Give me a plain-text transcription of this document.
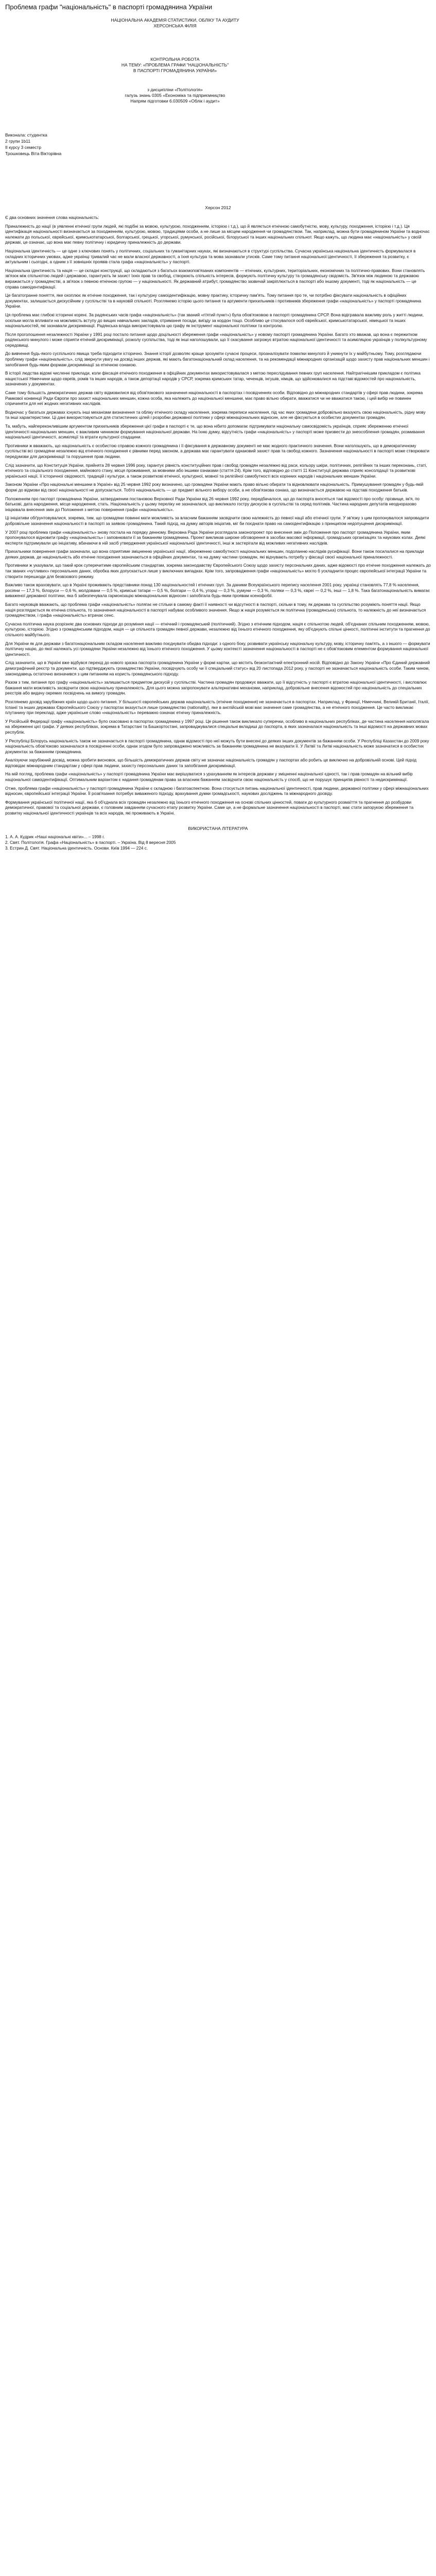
Проблема графи "національність" в паспорті громадянина України
НАЦІОНАЛЬНА АКАДЕМІЯ СТАТИСТИКИ, ОБЛІКУ ТА АУДИТУ
ХЕРСОНСЬКА ФІЛІЯ
КОНТРОЛЬНА РОБОТА
НА ТЕМУ: «ПРОБЛЕМА ГРАФИ "НАЦІОНАЛЬНІСТЬ"
В ПАСПОРТІ ГРОМАДЯНИНА УКРАЇНИ»
з дисципліни «Політологія»
галузь знань 0305 «Економіка та підприємництво
Напрям підготовки 6.030509 «Облік і аудит»
Виконала: студентка
2 групи 1b11
II курсу 3 семестр
Трошковець Віта Вікторівна
Херсон 2012

Є два основних значення слова національність:

Приналежність до нації (в уявленні етнічної групи людей, які подібні за мовою, культурою, походженням, історією і т.д.), що й являється етнічною самобутністю, мову, культуру, походження, історією і т.д.). Ця ідентифікація національності визначається за походженням, культурою, мовою, традиціями особи, а не лише за місцем народження чи громадянством. Так, наприклад, можна бути громадянином України та водночас належати до польської, єврейської, кримськотатарської, болгарської, грецької, угорської, румунської, російської, білоруської та інших національних спільнот. Якщо кажуть, що людина має «національність» у своїй державі, це означає, що вона має певну політичну і юридичну приналежність до держави.

Національна ідентичність — це одне з ключових понять у політичних, соціальних та гуманітарних науках, які визначаються в структурі суспільства. Сучасна українська національна ідентичність формувалася в складних історичних умовах, адже українці тривалий час не мали власної державності, а їхня культура та мова зазнавали утисків. Саме тому питання національної ідентичності, її збереження та розвитку, є актуальним і сьогодні, а одним з її зовнішніх проявів стала графа «національність» у паспорті.

Національна ідентичність та нація — це складні конструкції, що складаються з багатьох взаємопов'язаних компонентів — етнічних, культурних, територіальних, економічних та політично-правових. Вони становлять зв'язок між спільнотою людей і державою, гарантують їм захист їхніх прав та свобод, створюють спільність інтересів, формують політичну культуру та громадянську свідомість. Зв'язок між людиною та державою виражається у громадянстві, а зв'язок з певною етнічною групою — у національності. Як державний атрибут, громадянство зазвичай закріплюється в паспорті або іншому документі, тоді як національність — це справа самоідентифікації.

Це багатогранне поняття, яке охоплює як етнічне походження, так і культурну самоідентифікацію, мовну практику, історичну пам'ять. Тому питання про те, чи потрібно фіксувати національність в офіційних документах, залишається дискусійним у суспільстві та в науковій спільноті. Розглянемо історію цього питання та аргументи прихильників і противників збереження графи «національність» у паспорті громадянина України.

Ця проблема має глибокі історичні корені. За радянських часів графа «національність» (так званий «п'ятий пункт») була обов'язковою в паспорті громадянина СРСР. Вона відігравала важливу роль у житті людини, оскільки могла впливати на можливість вступу до вищих навчальних закладів, отримання посади, виїзду за кордон тощо. Особливо це стосувалося осіб єврейської, кримськотатарської, німецької та інших національностей, які зазнавали дискримінації. Радянська влада використовувала цю графу як інструмент національної політики та контролю.

Після проголошення незалежності України у 1991 році постало питання щодо доцільності збереження графи «національність» у новому паспорті громадянина України. Багато хто вважав, що вона є пережитком радянського минулого і може сприяти етнічній дискримінації, розколу суспільства, тоді як інші наголошували, що її скасування загрожує втратою національної ідентичності та асиміляцією українців у полікультурному середовищі.

До вивчення будь-якого суспільного явища треба підходити історично. Знання історії дозволяє краще зрозуміти сучасні процеси, проаналізувати помилки минулого й уникнути їх у майбутньому. Тому, розглядаючи проблему графи «національність», слід звернути увагу на досвід інших держав, які мають багатонаціональний склад населення, та на рекомендації міжнародних організацій щодо захисту прав національних меншин і запобігання будь-яким формам дискримінації за етнічною ознакою.

В історії людства відомі численні приклади, коли фіксація етнічного походження в офіційних документах використовувалася з метою переслідування певних груп населення. Найтрагічнішим прикладом є політика нацистської Німеччини щодо євреїв, ромів та інших народів, а також депортації народів у СРСР, зокрема кримських татар, чеченців, інгушів, німців, що здійснювалися на підставі відомостей про національність, зазначених у документах.

Саме тому більшість демократичних держав світу відмовилися від обов'язкового зазначення національності в паспортах і посвідченнях особи. Відповідно до міжнародних стандартів у сфері прав людини, зокрема Рамкової конвенції Ради Європи про захист національних меншин, кожна особа, яка належить до національної меншини, має право вільно обирати, вважатися чи не вважатися такою, і цей вибір не повинен спричиняти для неї жодних негативних наслідків.

Водночас у багатьох державах існують інші механізми визначення та обліку етнічного складу населення, зокрема переписи населення, під час яких громадяни добровільно вказують свою національність, рідну мову та інші характеристики. Ці дані використовуються для статистичних цілей і розробки державної політики у сфері міжнаціональних відносин, але не фіксуються в особистих документах громадян.

Та, мабуть, найпереконливішим аргументом прихильників збереження цієї графи в паспорті є те, що вона нібито допомагає підтримувати національну самосвідомість українців, сприяє збереженню етнічної ідентичності національних меншин, є важливим чинником формування національної держави. На їхню думку, відсутність графи «національність» у паспорті може призвести до знеособлення громадян, розмивання національної ідентичності, асиміляції та втрати культурної спадщини.

Противники ж вважають, що національність є особистою справою кожного громадянина і її фіксування в державному документі не має жодного практичного значення. Вони наголошують, що в демократичному суспільстві всі громадяни незалежно від етнічного походження є рівними перед законом, а держава має гарантувати однаковий захист прав та свобод кожного. Зазначення національності в паспорті може створювати передумови для дискримінації та порушення прав людини.

Слід зазначити, що Конституція України, прийнята 28 червня 1996 року, гарантує рівність конституційних прав і свобод громадян незалежно від раси, кольору шкіри, політичних, релігійних та інших переконань, статі, етнічного та соціального походження, майнового стану, місця проживання, за мовними або іншими ознаками (стаття 24). Крім того, відповідно до статті 11 Конституції держава сприяє консолідації та розвиткові української нації, її історичної свідомості, традицій і культури, а також розвиткові етнічної, культурної, мовної та релігійної самобутності всіх корінних народів і національних меншин України.

Законом України «Про національні меншини в Україні» від 25 червня 1992 року визначено, що громадяни України мають право вільно обирати та відновлювати національність. Примушування громадян у будь-якій формі до відмови від своєї національності не допускається. Тобто національність — це предмет вільного вибору особи, а не обов'язкова ознака, що визначається державою на підставі походження батьків.

Положенням про паспорт громадянина України, затвердженим постановою Верховної Ради України від 26 червня 1992 року, передбачалося, що до паспорта вносяться такі відомості про особу: прізвище, ім'я, по батькові, дата народження, місце народження, стать. Національність у цьому переліку не зазначалася, що викликало гостру дискусію в суспільстві та серед політиків. Частина народних депутатів неодноразово ініціювала внесення змін до Положення з метою повернення графи «національність».

Ці ініціативи обґрунтовувалися, зокрема, тим, що громадяни повинні мати можливість за власним бажанням засвідчити свою належність до певної нації або етнічної групи. У зв'язку з цим пропонувалося запровадити добровільне зазначення національності в паспорті за заявою громадянина. Такий підхід, на думку авторів ініціатив, міг би поєднати право на самоідентифікацію з принципом недопущення дискримінації.

У 2007 році проблема графи «національність» знову постала на порядку денному. Верховна Рада України розглядала законопроект про внесення змін до Положення про паспорт громадянина України, яким пропонувалося відновити графу «національність» і заповнювати її за бажанням громадянина. Проект викликав широке обговорення в засобах масової інформації, громадських організаціях та наукових колах. Деякі експерти підтримували цю ініціативу, вбачаючи в ній засіб утвердження української національної ідентичності, інші ж застерігали від можливих негативних наслідків.

Прихильники повернення графи зазначали, що вона сприятиме зміцненню української нації, збереженню самобутності національних меншин, подоланню наслідків русифікації. Вони також посилалися на приклади деяких держав, де національність або етнічне походження зазначаються в офіційних документах, та на думку частини громадян, які відчувають потребу у фіксації своєї національної приналежності.

Противники ж указували, що такий крок суперечитиме європейським стандартам, зокрема законодавству Європейського Союзу щодо захисту персональних даних, адже відомості про етнічне походження належать до так званих «чутливих» персональних даних, обробка яких допускається лише у виключних випадках. Крім того, запровадження графи «національність» могло б ускладнити процес європейської інтеграції України та створити перешкоди для безвізового режиму.

Важливо також враховувати, що в Україні проживають представники понад 130 національностей і етнічних груп. За даними Всеукраїнського перепису населення 2001 року, українці становлять 77,8 % населення, росіяни — 17,3 %, білоруси — 0,6 %, молдовани — 0,5 %, кримські татари — 0,5 %, болгари — 0,4 %, угорці — 0,3 %, румуни — 0,3 %, поляки — 0,3 %, євреї — 0,2 %, інші — 1,8 %. Така багатонаціональність вимагає виваженої державної політики, яка б забезпечувала гармонізацію міжнаціональних відносин і запобігала будь-яким проявам ксенофобії.

Багато науковців вважають, що проблема графи «національність» полягає не стільки в самому факті її наявності чи відсутності в паспорті, скільки в тому, як держава та суспільство розуміють поняття нації. Якщо нація розглядається як етнічна спільнота, то зазначення національності в паспорті набуває особливого значення. Якщо ж нація розуміється як політична (громадянська) спільнота, то належність до неї визначається громадянством, і графа «національність» втрачає сенс.

Сучасна політична наука розрізняє два основних підходи до розуміння нації — етнічний і громадянський (політичний). Згідно з етнічним підходом, нація є спільнотою людей, об'єднаних спільним походженням, мовою, культурою, історією. Згідно з громадянським підходом, нація — це спільнота громадян певної держави, незалежно від їхнього етнічного походження, яку об'єднують спільні цінності, політичні інститути та прагнення до спільного майбутнього.

Для України як для держави з багатонаціональним складом населення важливо поєднувати обидва підходи: з одного боку, розвивати українську національну культуру, мову, історичну пам'ять, а з іншого — формувати політичну націю, до якої належать усі громадяни України незалежно від їхнього етнічного походження. У цьому контексті зазначення національності в паспорті не є обов'язковим елементом формування національної ідентичності.

Слід зазначити, що в Україні вже відбувся перехід до нового зразка паспорта громадянина України у формі картки, що містить безконтактний електронний носій. Відповідно до Закону України «Про Єдиний державний демографічний реєстр та документи, що підтверджують громадянство України, посвідчують особу чи її спеціальний статус» від 20 листопада 2012 року, у паспорті не зазначається національність особи. Таким чином, законодавець остаточно визначився з цим питанням на користь громадянського підходу.

Разом з тим, питання про графу «національність» залишається предметом дискусій у суспільстві. Частина громадян продовжує вважати, що її відсутність у паспорті є втратою національної ідентичності, і висловлює бажання мати можливість засвідчити свою національну приналежність. Для цього можна запропонувати альтернативні механізми, наприклад, добровільне внесення відомостей про національність до спеціальних реєстрів або видачу окремих посвідчень на вимогу громадян.

Розглянемо досвід зарубіжних країн щодо цього питання. У більшості європейських держав національність (етнічне походження) не зазначається в паспортах. Наприклад, у Франції, Німеччині, Великій Британії, Італії, Іспанії та інших державах Європейського Союзу у паспортах вказується лише громадянство (nationality), яке в англійській мові має значення саме громадянства, а не етнічного походження. Це часто викликає плутанину при перекладі, адже українське слово «національність» переважно означає етнічну приналежність.

У Російській Федерації графу «національність» було скасовано в паспортах громадянина у 1997 році. Це рішення також викликало суперечки, особливо в національних республіках, де частина населення наполягала на збереженні цієї графи. У деяких республіках, зокрема в Татарстані та Башкортостані, запроваджувалися спеціальні вкладиші до паспорта, в яких зазначалася національність та інші відомості на державних мовах республік.

У Республіці Білорусь національність також не зазначається в паспорті громадянина, однак відомості про неї можуть бути внесені до деяких інших документів за бажанням особи. У Республіці Казахстан до 2009 року національність обов'язково зазначалася в посвідченні особи, однак згодом було запроваджено можливість за бажанням громадянина не вказувати її. У Латвії та Литві національність може зазначатися в особистих документах за бажанням громадянина.

Аналізуючи зарубіжний досвід, можна зробити висновок, що більшість демократичних держав світу не зазначає національність громадян у паспортах або робить це виключно на добровільній основі. Цей підхід відповідає міжнародним стандартам у сфері прав людини, захисту персональних даних та запобігання дискримінації.

На мій погляд, проблема графи «національність» у паспорті громадянина України має вирішуватися з урахуванням як інтересів держави у зміцненні національної єдності, так і прав громадян на вільний вибір національної самоідентифікації. Оптимальним варіантом є надання громадянам права за власним бажанням засвідчити свою національність у спосіб, що не порушує принципів рівності та недискримінації.

Отже, проблема графи «національність» у паспорті громадянина України є складною і багатоаспектною. Вона стосується питань національної ідентичності, прав людини, державної політики у сфері міжнаціональних відносин, європейської інтеграції України. Її розв'язання потребує виваженого підходу, врахування думки громадськості, наукових досліджень та міжнародного досвіду.

Формування української політичної нації, яка б об'єднала всіх громадян незалежно від їхнього етнічного походження на основі спільних цінностей, поваги до культурного розмаїття та прагнення до розбудови демократичної, правової та соціальної держави, є головним завданням сучасного етапу розвитку України. Саме це, а не формальне зазначення національності в паспорті, має стати запорукою збереження та розвитку національної ідентичності українців та всіх народів, які проживають в Україні.

ВИКОРИСТАНА ЛІТЕРАТУРА
1. А. А. Кудрик «Наші національні квіти»... – 1998 г.
2. Свят. Політологія. Графа «Національність» в паспорті. – Україна. Від 8 вересня 2005
3. Естрин Д. Свят. Національна ідентичність. Основи. Київ 1994 — 224 с.
